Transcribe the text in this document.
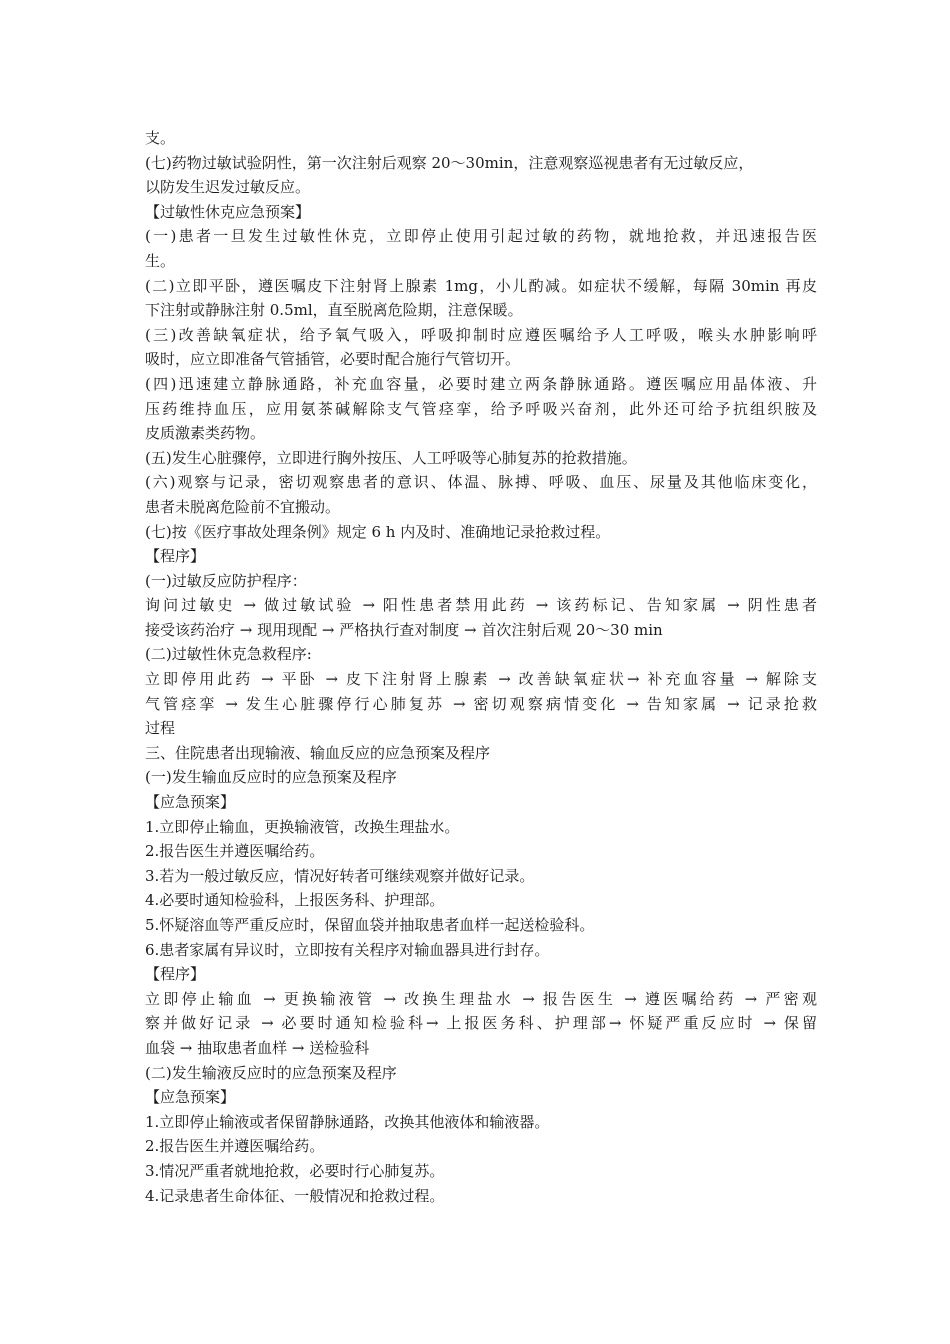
支。
(七)药物过敏试验阴性，第一次注射后观察 20～30min，注意观察巡视患者有无过敏反应，
以防发生迟发过敏反应。
【过敏性休克应急预案】
(一)患者一旦发生过敏性休克，立即停止使用引起过敏的药物，就地抢救，并迅速报告医
生。
(二)立即平卧，遵医嘱皮下注射肾上腺素 1mg，小儿酌减。如症状不缓解，每隔 30min 再皮
下注射或静脉注射 0.5ml，直至脱离危险期，注意保暖。
(三)改善缺氧症状，给予氧气吸入，呼吸抑制时应遵医嘱给予人工呼吸，喉头水肿影响呼
吸时，应立即准备气管插管，必要时配合施行气管切开。
(四)迅速建立静脉通路，补充血容量，必要时建立两条静脉通路。遵医嘱应用晶体液、升
压药维持血压，应用氨茶碱解除支气管痉挛，给予呼吸兴奋剂，此外还可给予抗组织胺及
皮质激素类药物。
(五)发生心脏骤停，立即进行胸外按压、人工呼吸等心肺复苏的抢救措施。
(六)观察与记录，密切观察患者的意识、体温、脉搏、呼吸、血压、尿量及其他临床变化，
患者未脱离危险前不宜搬动。
(七)按《医疗事故处理条例》规定 6 h 内及时、准确地记录抢救过程。
【程序】
(一)过敏反应防护程序：
询问过敏史 → 做过敏试验 → 阳性患者禁用此药 → 该药标记、告知家属 → 阴性患者
接受该药治疗 → 现用现配 → 严格执行查对制度 → 首次注射后观 20～30 min
(二)过敏性休克急救程序:
立即停用此药 → 平卧 → 皮下注射肾上腺素 → 改善缺氧症状→ 补充血容量 → 解除支
气管痉挛 → 发生心脏骤停行心肺复苏 → 密切观察病情变化 → 告知家属 → 记录抢救
过程
三、住院患者出现输液、输血反应的应急预案及程序
(一)发生输血反应时的应急预案及程序
【应急预案】
1.立即停止输血，更换输液管，改换生理盐水。
2.报告医生并遵医嘱给药。
3.若为一般过敏反应，情况好转者可继续观察并做好记录。
4.必要时通知检验科，上报医务科、护理部。
5.怀疑溶血等严重反应时，保留血袋并抽取患者血样一起送检验科。
6.患者家属有异议时，立即按有关程序对输血器具进行封存。
【程序】
立即停止输血 → 更换输液管 → 改换生理盐水 → 报告医生 → 遵医嘱给药 → 严密观
察并做好记录 → 必要时通知检验科→ 上报医务科、护理部→ 怀疑严重反应时 → 保留
血袋 → 抽取患者血样 → 送检验科
(二)发生输液反应时的应急预案及程序
【应急预案】
1.立即停止输液或者保留静脉通路，改换其他液体和输液器。
2.报告医生并遵医嘱给药。
3.情况严重者就地抢救，必要时行心肺复苏。
4.记录患者生命体征、一般情况和抢救过程。
